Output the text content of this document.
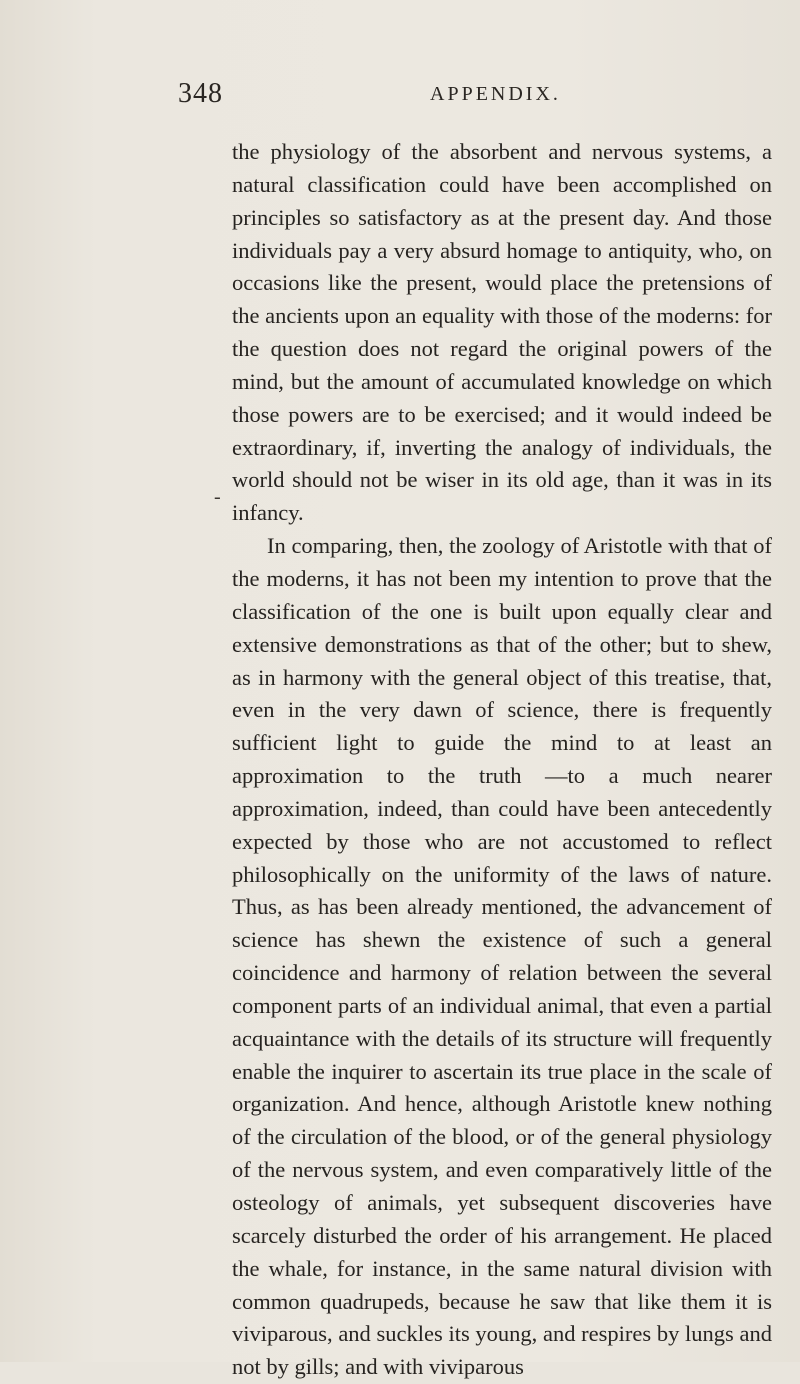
348	APPENDIX.
-

the physiology of the absorbent and nervous systems, a natural classification could have been accomplished on principles so satisfactory as at the present day. And those individuals pay a very absurd homage to antiquity, who, on occasions like the present, would place the pretensions of the ancients upon an equality with those of the moderns: for the question does not regard the original powers of the mind, but the amount of accumulated knowledge on which those powers are to be exercised; and it would indeed be extraordinary, if, inverting the analogy of individuals, the world should not be wiser in its old age, than it was in its infancy.

In comparing, then, the zoology of Aristotle with that of the moderns, it has not been my intention to prove that the classification of the one is built upon equally clear and extensive demonstrations as that of the other; but to shew, as in harmony with the general object of this treatise, that, even in the very dawn of science, there is frequently sufficient light to guide the mind to at least an approximation to the truth —to a much nearer approximation, indeed, than could have been antecedently expected by those who are not accustomed to reflect philosophically on the uniformity of the laws of nature. Thus, as has been already mentioned, the advancement of science has shewn the existence of such a general coincidence and harmony of relation between the several component parts of an individual animal, that even a partial acquaintance with the details of its structure will frequently enable the inquirer to ascertain its true place in the scale of organization. And hence, although Aristotle knew nothing of the circulation of the blood, or of the general physiology of the nervous system, and even comparatively little of the osteology of animals, yet subsequent discoveries have scarcely disturbed the order of his arrangement. He placed the whale, for instance, in the same natural division with common quadrupeds, because he saw that like them it is viviparous, and suckles its young, and respires by lungs and not by gills; and with viviparous
